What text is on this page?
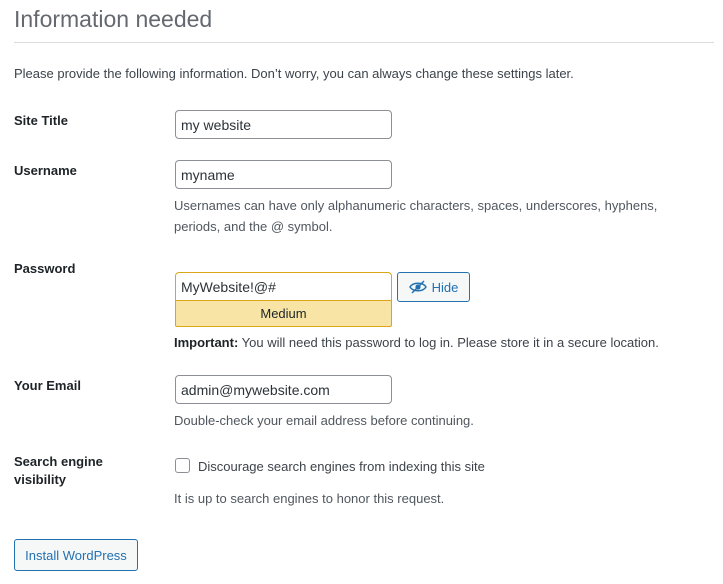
Information needed
Please provide the following information. Don’t worry, you can always change these settings later.
Site Title
my website
Username
myname
Usernames can have only alphanumeric characters, spaces, underscores, hyphens,
periods, and the @ symbol.
Password
MyWebsite!@#
Medium
Hide
Important: You will need this password to log in. Please store it in a secure location.
Your Email
admin@mywebsite.com
Double-check your email address before continuing.
Search engine
visibility
Discourage search engines from indexing this site
It is up to search engines to honor this request.
Install WordPress
